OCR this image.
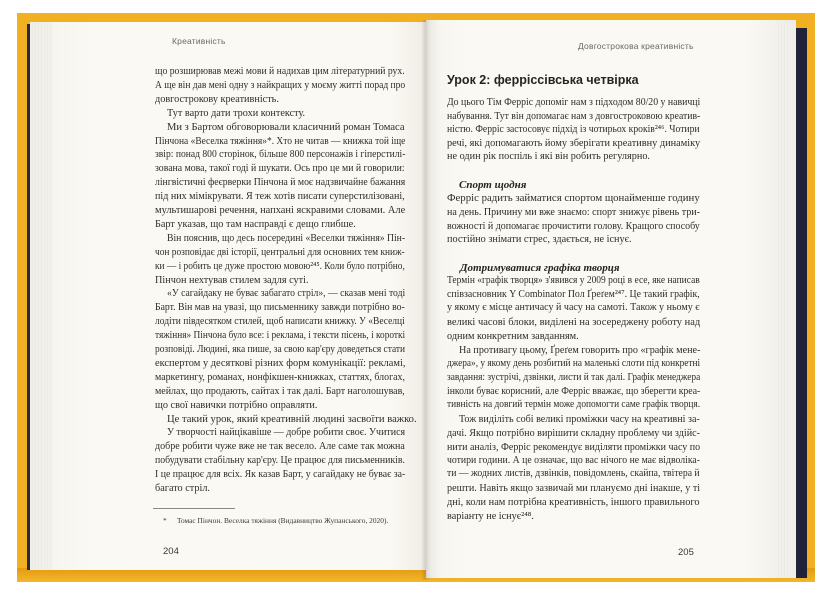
Креативність	Довгострокова креативність
що розширював межі мови й надихав цим літературний рух.
А ще він дав мені одну з найкращих у моєму житті порад про
довгострокову креативність.
Тут варто дати трохи контексту.
Ми з Бартом обговорювали класичний роман Томаса
Пінчона «Веселка тяжіння»*. Хто не читав — книжка той іще
звір: понад 800 сторінок, більше 800 персонажів і гіперстилі-
зована мова, такої годі й шукати. Ось про це ми й говорили:
лінгвістичні феєрверки Пінчона й моє надзвичайне бажання
під них мімікрувати. Я теж хотів писати суперстилізовані,
мультишарові речення, напхані яскравими словами. Але
Барт указав, що там насправді є дещо глибше.
Він пояснив, що десь посередині «Веселки тяжіння» Пін-
чон розповідає дві історії, центральні для основних тем книж-
ки — і робить це дуже простою мовою²⁴⁵. Коли було потрібно,
Пінчон нехтував стилем задля суті.
«У сагайдаку не буває забагато стріл», — сказав мені тоді
Барт. Він мав на увазі, що письменнику завжди потрібно во-
лодіти півдесятком стилей, щоб написати книжку. У «Веселці
тяжіння» Пінчона було все: і реклама, і тексти пісень, і короткі
розповіді. Людині, яка пише, за свою кар'єру доведеться стати
експертом у десяткові різних форм комунікації: рекламі,
маркетингу, романах, нонфікшен-книжках, статтях, блогах,
мейлах, що продають, сайтах і так далі. Барт наголошував,
що свої навички потрібно оправляти.
Це такий урок, який креативній людині засвоїти важко.
У творчості найцікавіше — добре робити своє. Учитися
добре робити чуже вже не так весело. Але саме так можна
побудувати стабільну кар'єру. Це працює для письменників.
І це працює для всіх. Як казав Барт, у сагайдаку не буває за-
багато стріл.
* Томас Пінчон. Веселка тяжіння (Видавництво Жупанського, 2020).
204
Урок 2: ферріссівська четвірка
Спорт щодня
Дотримуватися графіка творця
До цього Тім Ферріс допоміг нам з підходом 80/20 у навичці
набування. Тут він допомагає нам з довгостроковою креатив-
ністю. Ферріс застосовує підхід із чотирьох кроків²⁴⁶. Чотири
речі, які допомагають йому зберігати креативну динаміку
не один рік поспіль і які він робить регулярно.
Ферріс радить займатися спортом щонайменше годину
на день. Причину ми вже знаємо: спорт знижує рівень три-
вожності й допомагає прочистити голову. Кращого способу
постійно знімати стрес, здається, не існує.
Термін «графік творця» з'явився у 2009 році в есе, яке написав
співзасновник Y Combinator Пол Ґреґем²⁴⁷. Це такий графік,
у якому є місце античасу й часу на самоті. Також у ньому є
великі часові блоки, виділені на зосереджену роботу над
одним конкретним завданням.
На противагу цьому, Ґреґем говорить про «графік мене-
джера», у якому день розбитий на маленькі слоти під конкретні
завдання: зустрічі, дзвінки, листи й так далі. Графік менеджера
інколи буває корисний, але Ферріс вважає, що зберегти креа-
тивність на довгий термін може допомогти саме графік творця.
Тож виділіть собі великі проміжки часу на креативні за-
дачі. Якщо потрібно вирішити складну проблему чи здійс-
нити аналіз, Ферріс рекомендує виділяти проміжки часу по
чотири години. А це означає, що вас нічого не має відволіка-
ти — жодних листів, дзвінків, повідомлень, скайпа, твітера й
решти. Навіть якщо зазвичай ми плануємо дні інакше, у ті
дні, коли нам потрібна креативність, іншого правильного
варіанту не існує²⁴⁸.
205
